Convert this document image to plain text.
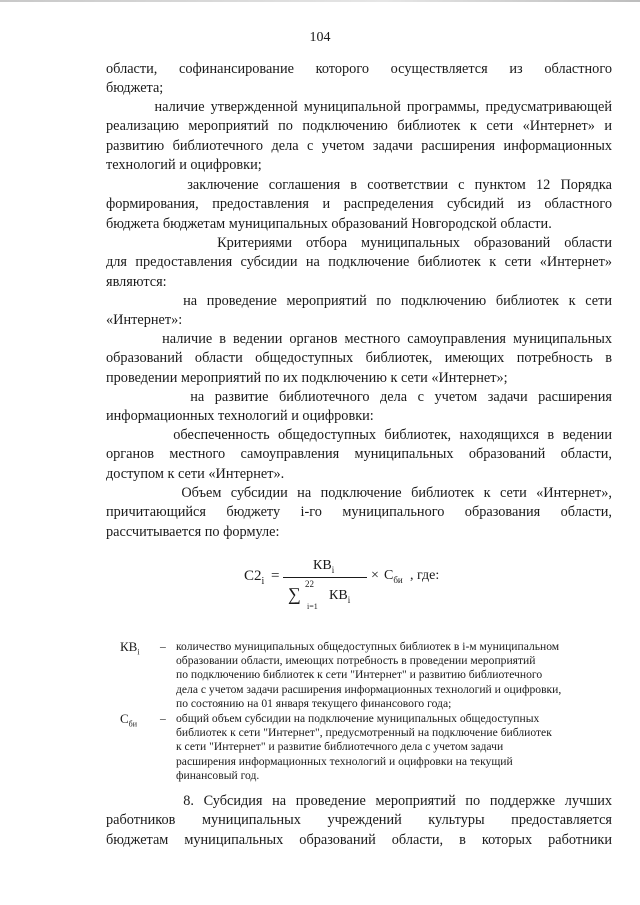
104

области, софинансирование которого осуществляется из областного
бюджета;

наличие утвержденной муниципальной программы, предусматривающей
реализацию мероприятий по подключению библиотек к сети «Интернет» и
развитию библиотечного дела с учетом задачи расширения информационных
технологий и оцифровки;

заключение соглашения в соответствии с пунктом 12 Порядка
формирования, предоставления и распределения субсидий из областного
бюджета бюджетам муниципальных образований Новгородской области.

Критериями отбора муниципальных образований области
для предоставления субсидии на подключение библиотек к сети «Интернет»
являются:

на проведение мероприятий по подключению библиотек к сети
«Интернет»:

наличие в ведении органов местного самоуправления муниципальных
образований области общедоступных библиотек, имеющих потребность в
проведении мероприятий по их подключению к сети «Интернет»;

на развитие библиотечного дела с учетом задачи расширения
информационных технологий и оцифровки:

обеспеченность общедоступных библиотек, находящихся в ведении
органов местного самоуправления муниципальных образований области,
доступом к сети «Интернет».

Объем субсидии на подключение библиотек к сети «Интернет»,
причитающийся бюджету i-го муниципального образования области,
рассчитывается по формуле:

$С2_i$ =
$КВ_i$
22
∑
i=1
$КВ_i$
× $С_{би}$ , где:
$КВ_i$ – количество муниципальных общедоступных библиотек в i-м муниципальном
образовании области, имеющих потребность в проведении мероприятий
по подключению библиотек к сети "Интернет" и развитию библиотечного
дела с учетом задачи расширения информационных технологий и оцифровки,
по состоянию на 01 января текущего финансового года;
$С_{би}$ – общий объем субсидии на подключение муниципальных общедоступных
библиотек к сети "Интернет", предусмотренный на подключение библиотек
к сети "Интернет" и развитие библиотечного дела с учетом задачи
расширения информационных технологий и оцифровки на текущий
финансовый год.

8. Субсидия на проведение мероприятий по поддержке лучших
работников муниципальных учреждений культуры предоставляется
бюджетам муниципальных образований области, в которых работники
